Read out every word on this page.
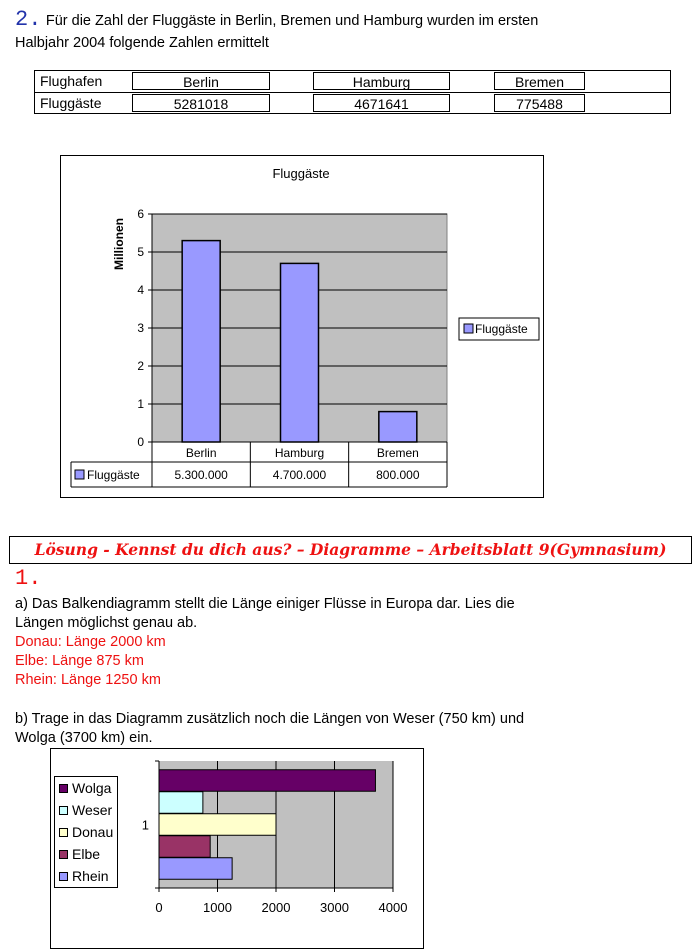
2. Für die Zahl der Fluggäste in Berlin, Bremen und Hamburg wurden im ersten
Halbjahr 2004 folgende Zahlen ermittelt
Flughafen	Berlin	Hamburg	Bremen
Fluggäste	5281018	4671641	775488
Fluggäste
Millionen
0
1
2
3
4
5
6
Berlin
5.300.000
Hamburg
4.700.000
Bremen
800.000
Fluggäste
Fluggäste
Lösung - Kennst du dich aus? – Diagramme – Arbeitsblatt 9(Gymnasium)
1.
a) Das Balkendiagramm stellt die Länge einiger Flüsse in Europa dar. Lies die
Längen möglichst genau ab.
Donau: Länge 2000 km
Elbe: Länge 875 km
Rhein: Länge 1250 km
b) Trage in das Diagramm zusätzlich noch die Längen von Weser (750 km) und
Wolga (3700 km) ein.
0	1000 2000 3000 4000
1
Wolga
Weser
Donau
Elbe
Rhein
